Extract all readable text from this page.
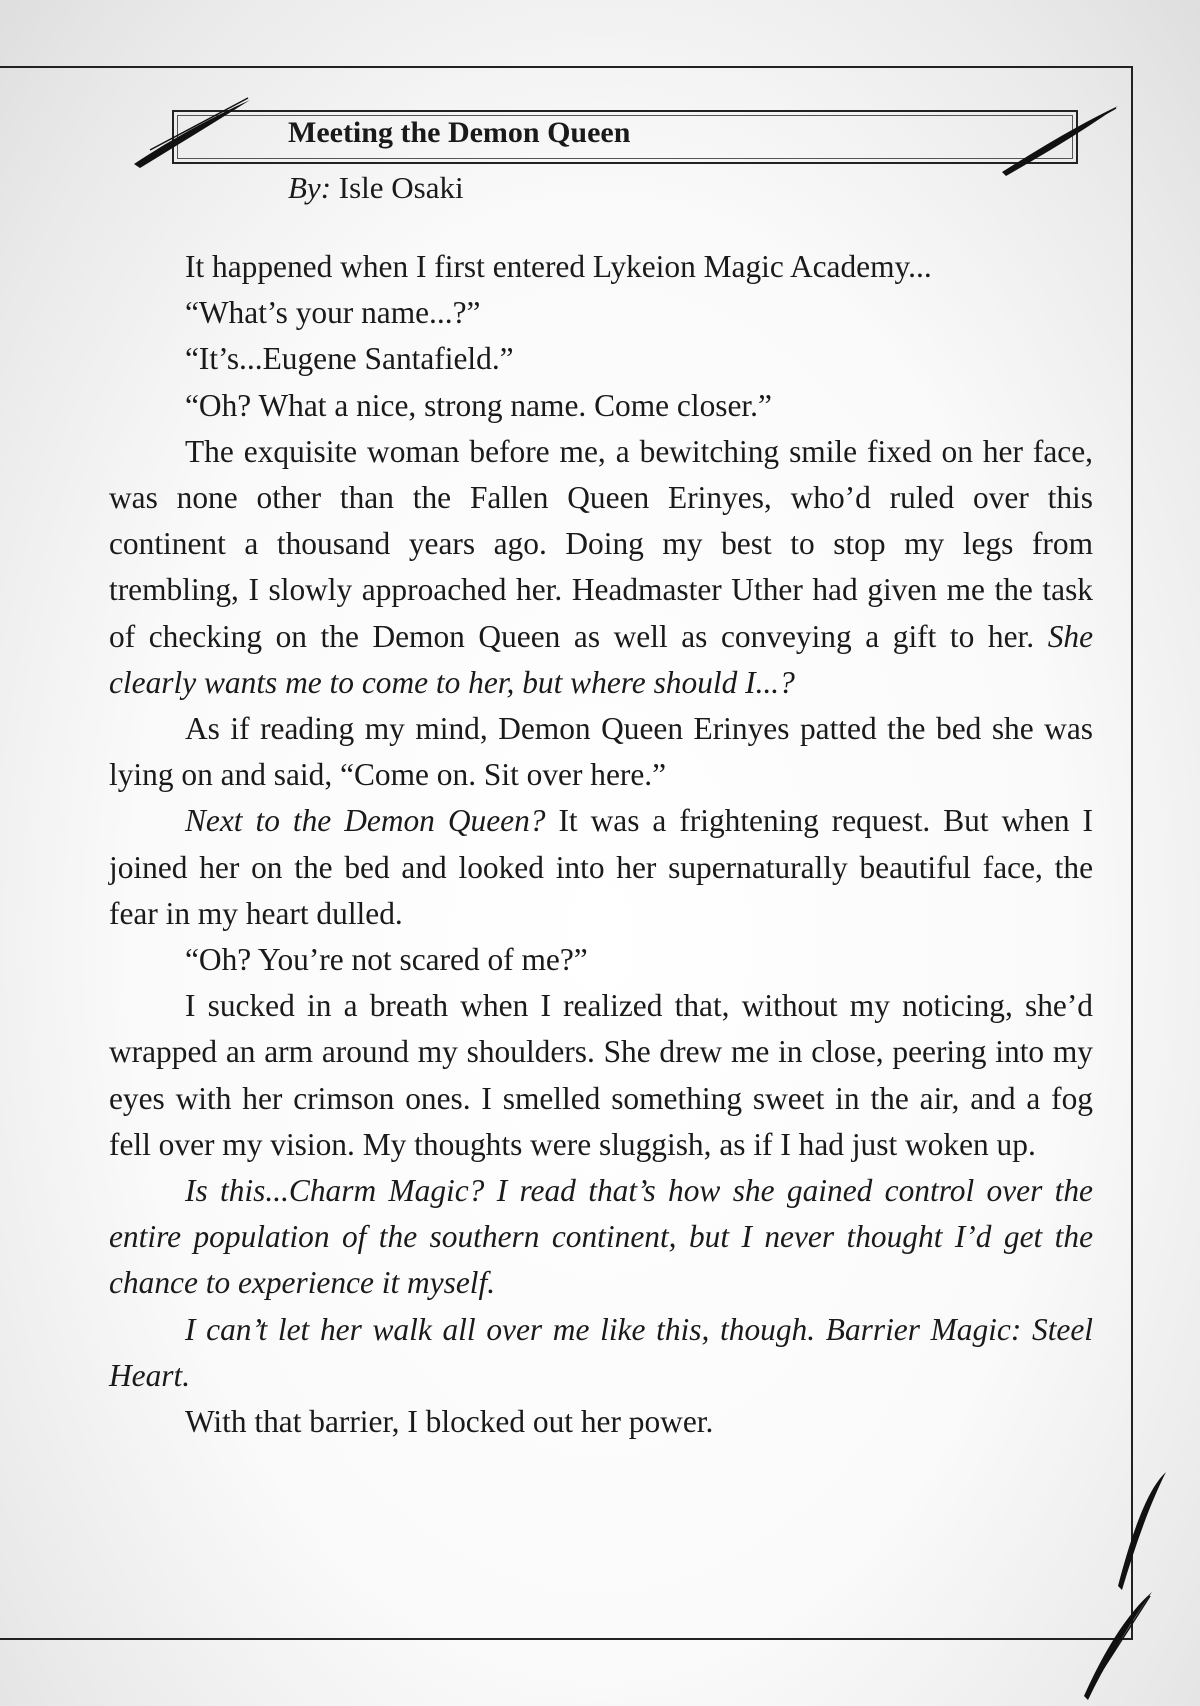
Meeting the Demon Queen
By: Isle Osaki

It happened when I first entered Lykeion Magic Academy...

“What’s your name...?”

“It’s...Eugene Santafield.”

“Oh? What a nice, strong name. Come closer.”

The exquisite woman before me, a bewitching smile fixed on her face, was none other than the Fallen Queen Erinyes, who’d ruled over this continent a thousand years ago. Doing my best to stop my legs from trembling, I slowly approached her. Headmaster Uther had given me the task of checking on the Demon Queen as well as conveying a gift to her. She clearly wants me to come to her, but where should I...?

As if reading my mind, Demon Queen Erinyes patted the bed she was lying on and said, “Come on. Sit over here.”

Next to the Demon Queen? It was a frightening request. But when I joined her on the bed and looked into her supernaturally beautiful face, the fear in my heart dulled.

“Oh? You’re not scared of me?”

I sucked in a breath when I realized that, without my noticing, she’d wrapped an arm around my shoulders. She drew me in close, peering into my eyes with her crimson ones. I smelled something sweet in the air, and a fog fell over my vision. My thoughts were sluggish, as if I had just woken up.

Is this...Charm Magic? I read that’s how she gained control over the entire population of the southern continent, but I never thought I’d get the chance to experience it myself.

I can’t let her walk all over me like this, though. Barrier Magic: Steel Heart.

With that barrier, I blocked out her power.
